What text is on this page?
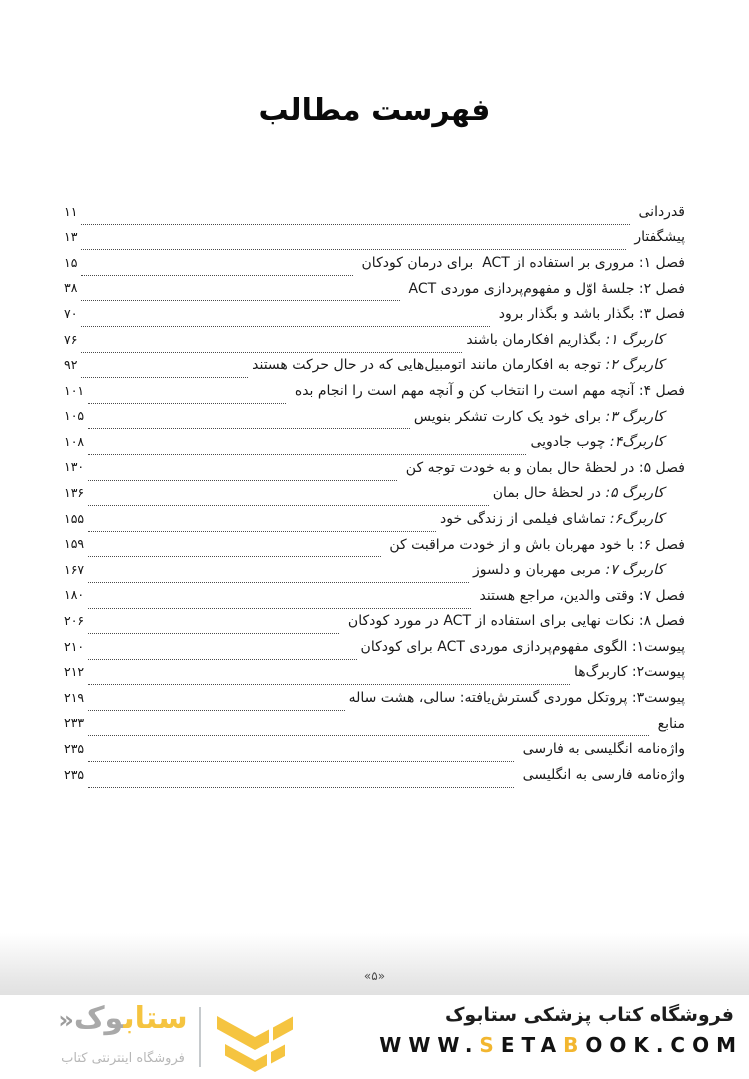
فهرست مطالب
قدردانی
۱۱
پیشگفتار
۱۳
فصل ۱: مروری بر استفاده از ACT  برای درمان کودکان
۱۵
فصل ۲: جلسهٔ اوّل و مفهوم‌پردازی موردی ACT
۳۸
فصل ۳: بگذار باشد و بگذار برود
۷۰
کاربرگ ۱:
بگذاریم افکارمان باشند
۷۶
کاربرگ ۲:
توجه به افکارمان مانند اتومبیل‌هایی که در حال حرکت هستند
۹۲
فصل ۴: آنچه مهم است را انتخاب کن و آنچه مهم است را انجام بده
۱۰۱
کاربرگ ۳:
برای خود یک کارت تشکر بنویس
۱۰۵
کاربرگ۴:
چوب جادویی
۱۰۸
فصل ۵: در لحظهٔ حال بمان و به خودت توجه کن
۱۳۰
کاربرگ ۵:
در لحظهٔ حال بمان
۱۳۶
کاربرگ۶:
تماشای فیلمی از زندگی خود
۱۵۵
فصل ۶: با خود مهربان باش و از خودت مراقبت کن
۱۵۹
کاربرگ ۷:
مربی مهربان و دلسوز
۱۶۷
فصل ۷: وقتی والدین، مراجع هستند
۱۸۰
فصل ۸: نکات نهایی برای استفاده از ACT در مورد کودکان
۲۰۶
پیوست۱: الگوی مفهوم‌پردازی موردی ACT برای کودکان
۲۱۰
پیوست۲: کاربرگ‌ها
۲۱۲
پیوست۳: پروتکل موردی گسترش‌یافته: سالی، هشت ساله
۲۱۹
منابع
۲۳۳
واژه‌نامه انگلیسی به فارسی
۲۳۵
واژه‌نامه فارسی به انگلیسی
۲۳۵
«۵»
ستابوک«
فروشگاه اینترنتی کتاب
فروشگاه کتاب پزشکی ستابوک
WWW.SETABOOK.COM
